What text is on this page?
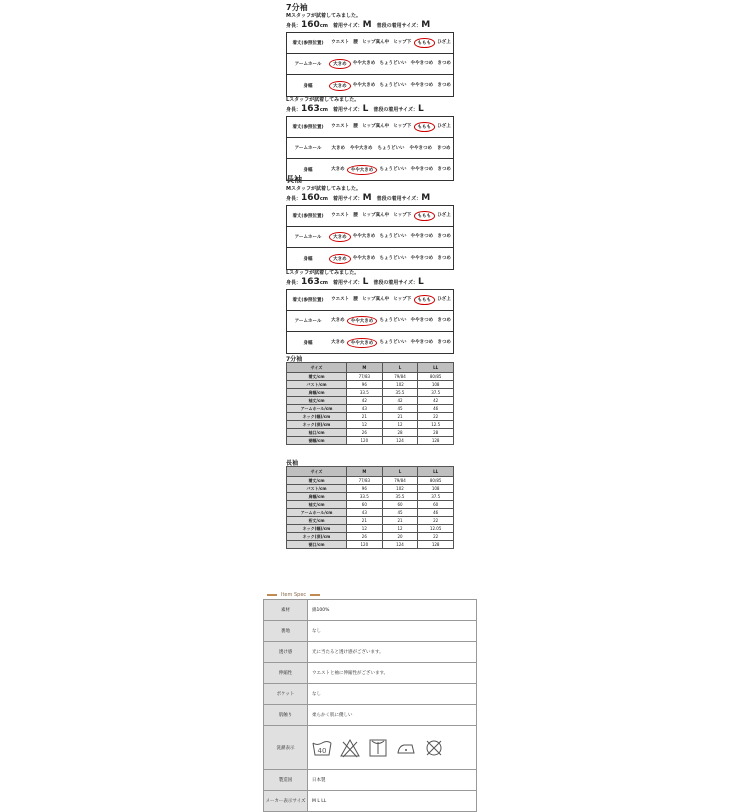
7分袖
長袖
Mスタッフが試着してみました。
身長：160cm 着用サイズ：M 普段の着用サイズ：M
着丈(参照位置)	ウエスト 腰 ヒップ真ん中 ヒップ下	ももも	ひざ上
アームホール	大きめ	やや大きめ ちょうどいい ややきつめ きつめ
身幅	大きめ	やや大きめ ちょうどいい ややきつめ きつめ
Lスタッフが試着してみました。
身長：163cm 着用サイズ：L 普段の着用サイズ：L
着丈(参照位置)	ウエスト 腰 ヒップ真ん中 ヒップ下	ももも	ひざ上
アームホール	大きめ	やや大きめ	ちょうどいい	ややきつめ	きつめ
身幅	大きめ	やや大きめ	ちょうどいい ややきつめ きつめ
Mスタッフが試着してみました。
身長：160cm 着用サイズ：M 普段の着用サイズ：M
着丈(参照位置)	ウエスト 腰 ヒップ真ん中 ヒップ下	ももも	ひざ上
アームホール	大きめ	やや大きめ ちょうどいい ややきつめ きつめ
身幅	大きめ	やや大きめ ちょうどいい ややきつめ きつめ
Lスタッフが試着してみました。
身長：163cm 着用サイズ：L 普段の着用サイズ：L
着丈(参照位置)	ウエスト 腰 ヒップ真ん中 ヒップ下	ももも	ひざ上
アームホール	大きめ	やや大きめ	ちょうどいい ややきつめ きつめ
身幅	大きめ	やや大きめ	ちょうどいい ややきつめ きつめ
7分袖
サイズ	M	L	LL
着丈/cm	77/83	79/84	80/85
バスト/cm	96	102	108
肩幅/cm	33.5	35.5	37.5
袖丈/cm	42	42	42
アームホール/cm	43	45	46
ネック(幅)/cm	21	21	22
ネック(深)/cm	12	12	12.5
袖口/cm	26	28	28
裾幅/cm	120	124	128
長袖
サイズ	M	L	LL
着丈/cm	77/83	79/84	80/85
バスト/cm	96	102	108
肩幅/cm	33.5	35.5	37.5
袖丈/cm	60	60	60
アームホール/cm	43	45	46
裄丈/cm	21	21	22
ネック(幅)/cm	12	12	12.05
ネック(深)/cm	26	20	22
裾口/cm	120	124	128
Item Spec
素材	綿100%
裏地	なし
透け感	光に当たると透け感がございます。
伸縮性	ウエストと袖に伸縮性がございます。
ポケット	なし
肌触り	柔らかく肌に優しい
洗濯表示	40

製造国	日本製
メーカー表示サイズ	M L LL
